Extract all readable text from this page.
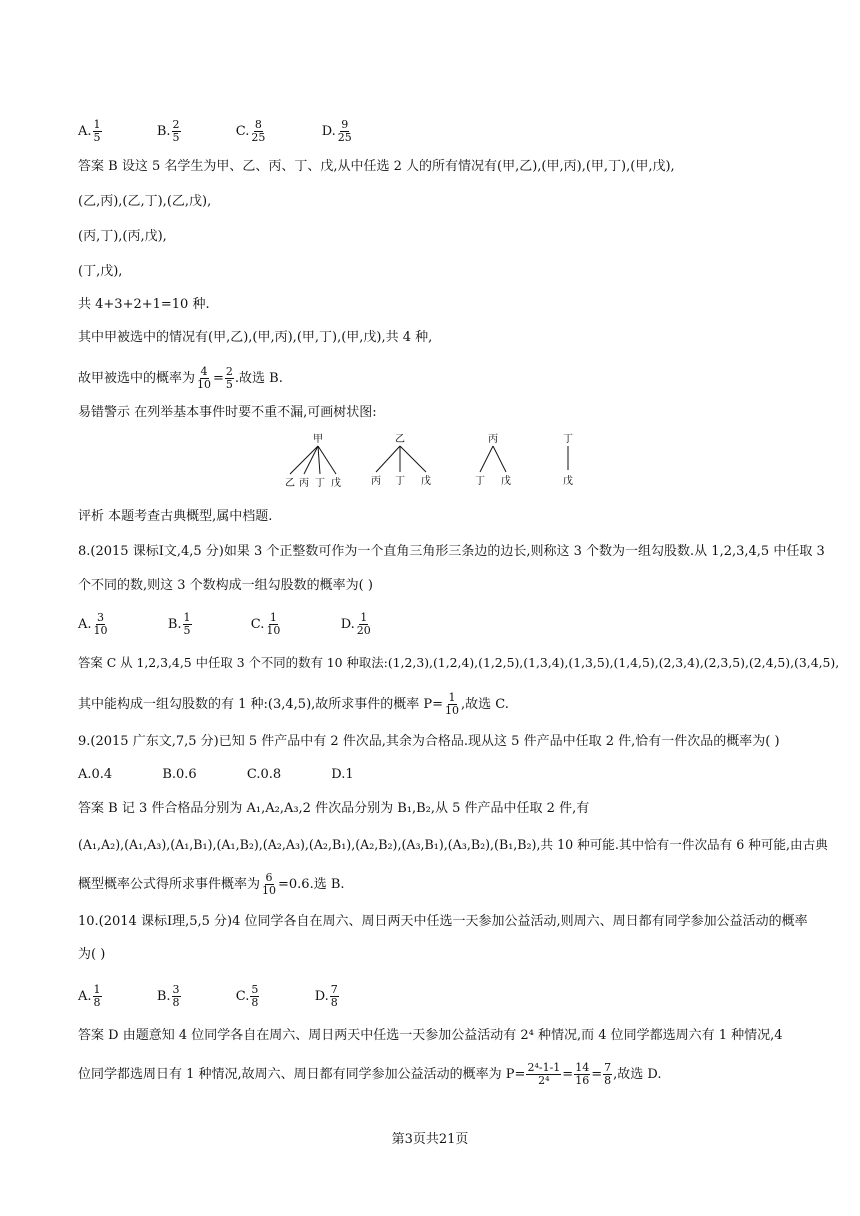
A. $\frac{1}{5}$	B. $\frac{2}{5}$	C. $\frac{8}{25}$	D. $\frac{9}{25}$
答案 B 设这 5 名学生为甲、乙、丙、丁、戊,从中任选 2 人的所有情况有(甲,乙),(甲,丙),(甲,丁),(甲,戊),
(乙,丙),(乙,丁),(乙,戊),
(丙,丁),(丙,戊),
(丁,戊),
共 4+3+2+1=10 种.
其中甲被选中的情况有(甲,乙),(甲,丙),(甲,丁),(甲,戊),共 4 种,
故甲被选中的概率为 $\frac{4}{10} = \frac{2}{5}$ .故选 B.
易错警示 在列举基本事件时要不重不漏,可画树状图:
甲	乙	丙	丁
乙 丙 丁 戊	丙 丁 戊	丁 戊	戊
评析 本题考查古典概型,属中档题.
8.(2015 课标Ⅰ文,4,5 分)如果 3 个正整数可作为一个直角三角形三条边的边长,则称这 3 个数为一组勾股数.从 1,2,3,4,5 中任取 3
个不同的数,则这 3 个数构成一组勾股数的概率为( )
A. $\frac{3}{10}$	B. $\frac{1}{5}$	C. $\frac{1}{10}$	D. $\frac{1}{20}$
答案 C 从 1,2,3,4,5 中任取 3 个不同的数有 10 种取法:(1,2,3),(1,2,4),(1,2,5),(1,3,4),(1,3,5),(1,4,5),(2,3,4),(2,3,5),(2,4,5),(3,4,5),
其中能构成一组勾股数的有 1 种:(3,4,5),故所求事件的概率 $P= \frac{1}{10}$ ,故选 C.
9.(2015 广东文,7,5 分)已知 5 件产品中有 2 件次品,其余为合格品.现从这 5 件产品中任取 2 件,恰有一件次品的概率为( )
A.0.4	B.0.6	C.0.8	D.1
答案 B 记 3 件合格品分别为 A₁,A₂,A₃,2 件次品分别为 B₁,B₂,从 5 件产品中任取 2 件,有
(A₁,A₂),(A₁,A₃),(A₁,B₁),(A₁,B₂),(A₂,A₃),(A₂,B₁),(A₂,B₂),(A₃,B₁),(A₃,B₂),(B₁,B₂),共 10 种可能.其中恰有一件次品有 6 种可能,由古典
概型概率公式得所求事件概率为 $\frac{6}{10} =0.6$.选 B.
10.(2014 课标Ⅰ理,5,5 分)4 位同学各自在周六、周日两天中任选一天参加公益活动,则周六、周日都有同学参加公益活动的概率
为( )
A. $\frac{1}{8}$	B. $\frac{3}{8}$	C. $\frac{5}{8}$	D. $\frac{7}{8}$
答案 D 由题意知 4 位同学各自在周六、周日两天中任选一天参加公益活动有 2⁴ 种情况,而 4 位同学都选周六有 1 种情况,4
位同学都选周日有 1 种情况,故周六、周日都有同学参加公益活动的概率为 $P= \frac{\text{2⁴-1-1}}{\text{2⁴}} = \frac{14}{16} = \frac{7}{8}$ ,故选 D.
第3页共21页
